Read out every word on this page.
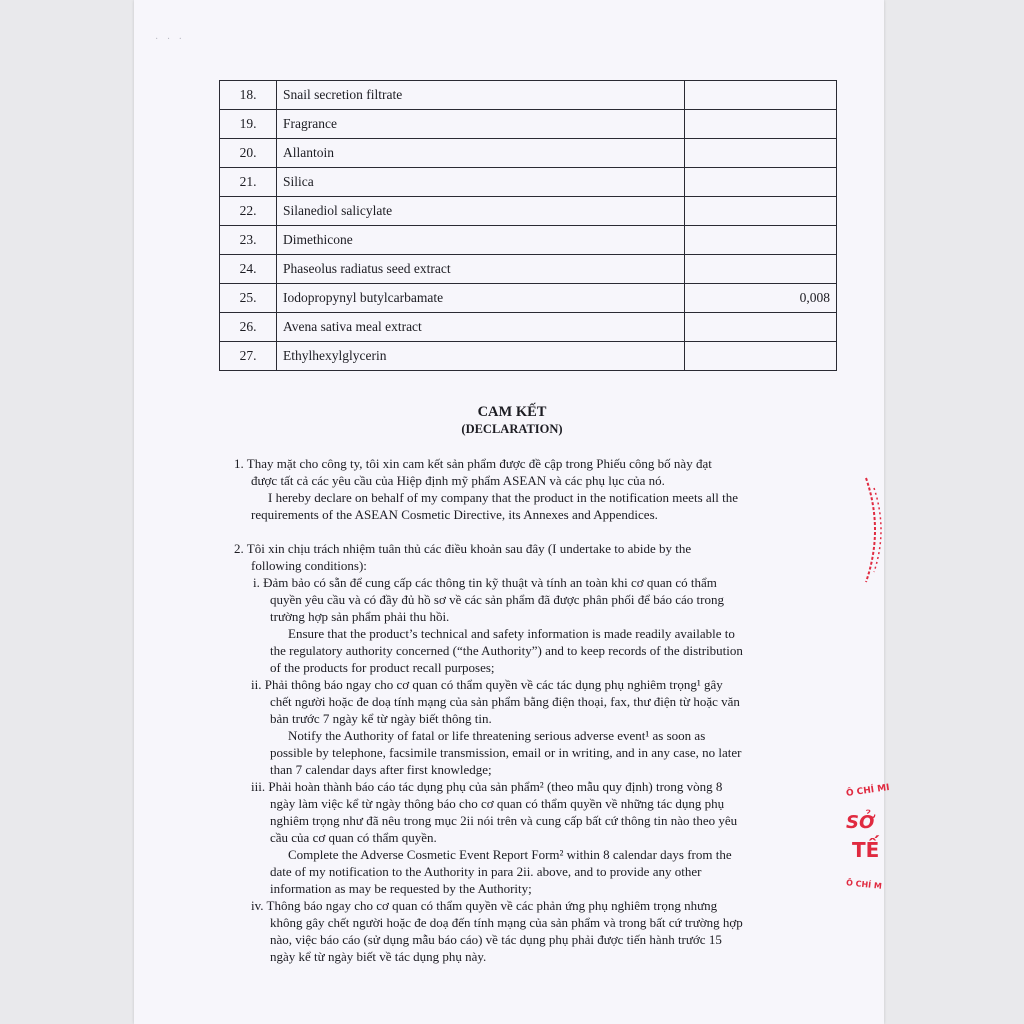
· · ·
18.	Snail secretion filtrate	
19.	Fragrance	
20.	Allantoin	
21.	Silica	
22.	Silanediol salicylate	
23.	Dimethicone	
24.	Phaseolus radiatus seed extract	
25.	Iodopropynyl butylcarbamate	0,008
26.	Avena sativa meal extract	
27.	Ethylhexylglycerin	
CAM KẾT
(DECLARATION)
1. Thay mặt cho công ty, tôi xin cam kết sản phẩm được đề cập trong Phiếu công bố này đạt
được tất cả các yêu cầu của Hiệp định mỹ phẩm ASEAN và các phụ lục của nó.
I hereby declare on behalf of my company that the product in the notification meets all the
requirements of the ASEAN Cosmetic Directive, its Annexes and Appendices.
2. Tôi xin chịu trách nhiệm tuân thủ các điều khoản sau đây (I undertake to abide by the
following conditions):
i. Đảm bảo có sẵn để cung cấp các thông tin kỹ thuật và tính an toàn khi cơ quan có thẩm
quyền yêu cầu và có đầy đủ hồ sơ về các sản phẩm đã được phân phối để báo cáo trong
trường hợp sản phẩm phải thu hồi.
Ensure that the product’s technical and safety information is made readily available to
the regulatory authority concerned (“the Authority”) and to keep records of the distribution
of the products for product recall purposes;
ii. Phải thông báo ngay cho cơ quan có thẩm quyền về các tác dụng phụ nghiêm trọng¹ gây
chết người hoặc đe doạ tính mạng của sản phẩm bằng điện thoại, fax, thư điện từ hoặc văn
bản trước 7 ngày kể từ ngày biết thông tin.
Notify the Authority of fatal or life threatening serious adverse event¹ as soon as
possible by telephone, facsimile transmission, email or in writing, and in any case, no later
than 7 calendar days after first knowledge;
iii. Phải hoàn thành báo cáo tác dụng phụ của sản phẩm² (theo mẫu quy định) trong vòng 8
ngày làm việc kể từ ngày thông báo cho cơ quan có thẩm quyền về những tác dụng phụ
nghiêm trọng như đã nêu trong mục 2ii nói trên và cung cấp bất cứ thông tin nào theo yêu
cầu của cơ quan có thẩm quyền.
Complete the Adverse Cosmetic Event Report Form² within 8 calendar days from the
date of my notification to the Authority in para 2ii. above, and to provide any other
information as may be requested by the Authority;
iv. Thông báo ngay cho cơ quan có thẩm quyền về các phản ứng phụ nghiêm trọng nhưng
không gây chết người hoặc đe doạ đến tính mạng của sản phẩm và trong bất cứ trường hợp
nào, việc báo cáo (sử dụng mẫu báo cáo) về tác dụng phụ phải được tiến hành trước 15
ngày kể từ ngày biết về tác dụng phụ này.
Ô CHÍ MI
SỞ
TẾ
Ô CHÍ M
